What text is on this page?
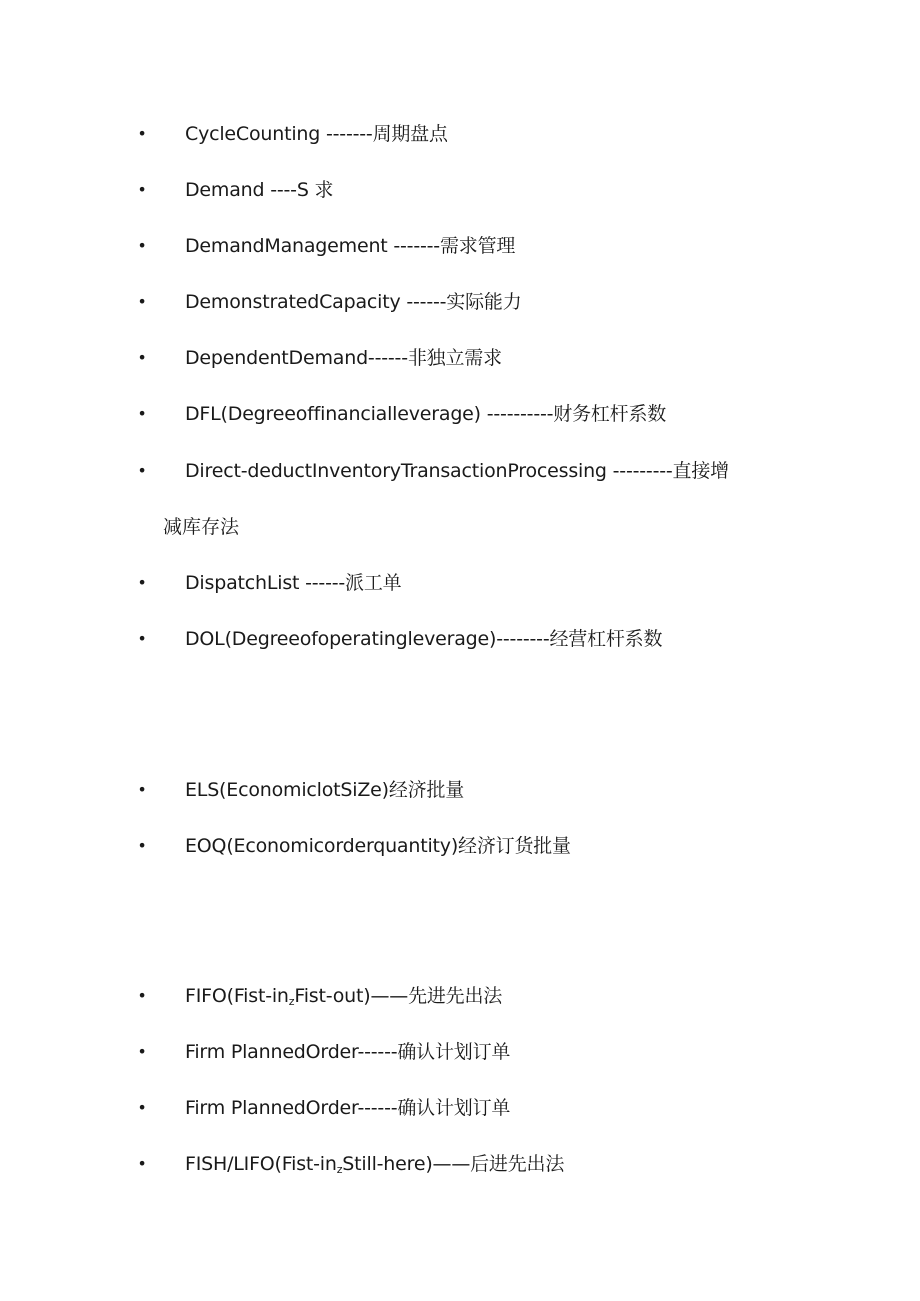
• CycleCounting -------周期盘点
• Demand ----S 求
• DemandManagement -------需求管理
• DemonstratedCapacity ------实际能力
• DependentDemand------非独立需求
• DFL(Degreeoffinancialleverage) ----------财务杠杆系数
• Direct-deductInventoryTransactionProcessing ---------直接增
减库存法
• DispatchList ------派工单
• DOL(Degreeofoperatingleverage)--------经营杠杆系数
• ELS(EconomiclotSiZe)经济批量
• EOQ(Economicorderquantity)经济订货批量
• $FIFO(Fist-in_zFist-out)——$先进先出法
• Firm PlannedOrder------确认计划订单
• Firm PlannedOrder------确认计划订单
• FISH/$LIFO(Fist-in_zStill-here)——$后进先出法
